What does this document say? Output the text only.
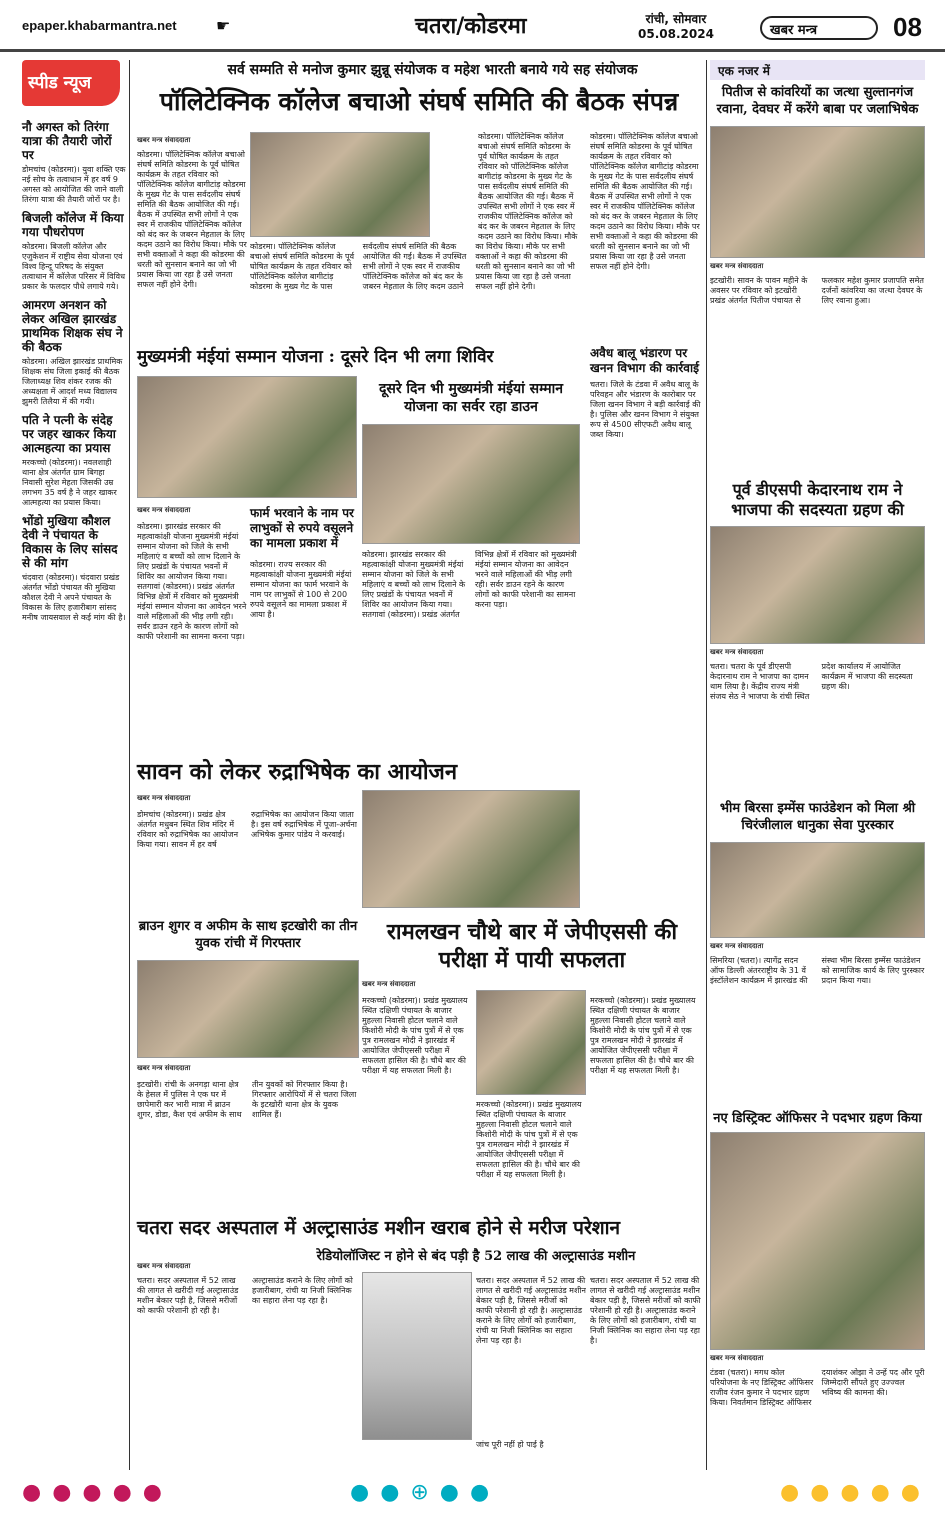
epaper.khabarmantra.net ☛	चतरा/कोडरमा	रांची, सोमवार
05.08.2024	खबर मन्त्र	08
स्पीड न्यूज
नौ अगस्त को तिरंगा यात्रा की तैयारी जोरों पर
डोमचांच (कोडरमा)। युवा शक्ति एक नई सोच के तत्वाधान में हर वर्ष 9 अगस्त को आयोजित की जाने वाली तिरंगा यात्रा की तैयारी जोरों पर है।
बिजली कॉलेज में किया गया पौधरोपण
कोडरमा। बिजली कॉलेज और एजुकेशन में राष्ट्रीय सेवा योजना एवं विश्व हिन्दू परिषद के संयुक्त तत्वाधान में कॉलेज परिसर में विविध प्रकार के फलदार पौधे लगाये गये।
आमरण अनशन को लेकर अखिल झारखंड प्राथमिक शिक्षक संघ ने की बैठक
कोडरमा। अखिल झारखंड प्राथमिक शिक्षक संघ जिला इकाई की बैठक जिलाध्यक्ष शिव शंकर रजक की अध्यक्षता में आदर्श मध्य विद्यालय झुमरी तिलैया में की गयी।
पति ने पत्नी के संदेह पर जहर खाकर किया आत्महत्या का प्रयास
मरकच्चो (कोडरमा)। नवलशाही थाना क्षेत्र अंतर्गत ग्राम बिगहा निवासी सुरेश मेहता जिसकी उम्र लगभग 35 वर्ष है ने जहर खाकर आत्महत्या का प्रयास किया।
भोंडो मुखिया कौशल देवी ने पंचायत के विकास के लिए सांसद से की मांग
चंदवारा (कोडरमा)। चंदवारा प्रखंड अंतर्गत भोंडो पंचायत की मुखिया कौशल देवी ने अपने पंचायत के विकास के लिए हजारीबाग सांसद मनीष जायसवाल से कई मांग की है।
सर्व सम्मति से मनोज कुमार झुन्नू संयोजक व महेश भारती बनाये गये सह संयोजक
पॉलिटेक्निक कॉलेज बचाओ संघर्ष समिति की बैठक संपन्न
खबर मन्त्र संवाददाता
कोडरमा। पॉलिटेक्निक कॉलेज बचाओ संघर्ष समिति कोडरमा के पूर्व घोषित कार्यक्रम के तहत रविवार को पॉलिटेक्निक कॉलेज बागीटांड़ कोडरमा के मुख्य गेट के पास सर्वदलीय संघर्ष समिति की बैठक आयोजित की गई। बैठक में उपस्थित सभी लोगों ने एक स्वर में राजकीय पॉलिटेक्निक कॉलेज को बंद कर के जबरन मेहताल के लिए कदम उठाने का विरोध किया। मौके पर सभी वक्ताओं ने कहा की कोडरमा की धरती को सुनसान बनाने का जो भी प्रयास किया जा रहा है उसे जनता सफल नहीं होने देगी।
कोडरमा। पॉलिटेक्निक कॉलेज बचाओ संघर्ष समिति कोडरमा के पूर्व घोषित कार्यक्रम के तहत रविवार को पॉलिटेक्निक कॉलेज बागीटांड़ कोडरमा के मुख्य गेट के पास सर्वदलीय संघर्ष समिति की बैठक आयोजित की गई। बैठक में उपस्थित सभी लोगों ने एक स्वर में राजकीय पॉलिटेक्निक कॉलेज को बंद कर के जबरन मेहताल के लिए कदम उठाने का विरोध किया। मौके पर सभी वक्ताओं ने कहा की कोडरमा की धरती को सुनसान बनाने का जो भी प्रयास किया जा रहा है उसे जनता सफल नहीं होने देगी।
कोडरमा। पॉलिटेक्निक कॉलेज बचाओ संघर्ष समिति कोडरमा के पूर्व घोषित कार्यक्रम के तहत रविवार को पॉलिटेक्निक कॉलेज बागीटांड़ कोडरमा के मुख्य गेट के पास सर्वदलीय संघर्ष समिति की बैठक आयोजित की गई। बैठक में उपस्थित सभी लोगों ने एक स्वर में राजकीय पॉलिटेक्निक कॉलेज को बंद कर के जबरन मेहताल के लिए कदम उठाने का विरोध किया। मौके
कोडरमा। पॉलिटेक्निक कॉलेज बचाओ संघर्ष समिति कोडरमा के पूर्व घोषित कार्यक्रम के तहत रविवार को पॉलिटेक्निक कॉलेज बागीटांड़ कोडरमा के मुख्य गेट के पास सर्वदलीय संघर्ष समिति की बैठक आयोजित की गई। बैठक में उपस्थित सभी लोगों ने एक स्वर में राजकीय पॉलिटेक्निक कॉलेज को बंद कर के जबरन मेहताल के लिए कदम उठाने का विरोध किया। मौके पर सभी वक्ताओं ने कहा की कोडरमा की धरती को सुनसान बनाने का जो भी प्रयास किया जा रहा है उसे जनता सफल नहीं होने देगी।
मुख्यमंत्री मंईयां सम्मान योजना : दूसरे दिन भी लगा शिविर
दूसरे दिन भी मुख्यमंत्री मंईयां सम्मान योजना का सर्वर रहा डाउन
खबर मन्त्र संवाददाता
कोडरमा। झारखंड सरकार की महत्वाकांक्षी योजना मुख्यमंत्री मंईयां सम्मान योजना को जिले के सभी महिलाएं व बच्चों को लाभ दिलाने के लिए प्रखंडों के पंचायत भवनों में शिविर का आयोजन किया गया। सतगावां (कोडरमा)। प्रखंड अंतर्गत विभिन्न क्षेत्रों में रविवार को मुख्यमंत्री मंईयां सम्मान योजना का आवेदन भरने वाले महिलाओं की भीड़ लगी रही। सर्वर डाउन रहने के कारण लोगों को काफी परेशानी का सामना करना पड़ा।
कोडरमा। झारखंड सरकार की महत्वाकांक्षी योजना मुख्यमंत्री मंईयां सम्मान योजना को जिले के सभी महिलाएं व बच्चों को लाभ दिलाने के लिए प्रखंडों के पंचायत भवनों में शिविर का आयोजन किया गया। सतगावां (कोडरमा)। प्रखंड अंतर्गत विभिन्न क्षेत्रों में रविवार को मुख्यमंत्री मंईयां सम्मान योजना का आवेदन भरने वाले महिलाओं की भीड़ लगी रही। सर्वर डाउन रहने के कारण लोगों को काफी परेशानी का सामना करना पड़ा।
फार्म भरवाने के नाम पर लाभुकों से रुपये वसूलने का मामला प्रकाश में
कोडरमा। राज्य सरकार की महत्वाकांक्षी योजना मुख्यमंत्री मंईयां सम्मान योजना का फार्म भरवाने के नाम पर लाभुकों से 100 से 200 रुपये वसूलने का मामला प्रकाश में आया है।
अवैध बालू भंडारण पर खनन विभाग की कार्रवाई
चतरा। जिले के टंडवा में अवैध बालू के परिवहन और भंडारण के कारोबार पर जिला खनन विभाग ने बड़ी कार्रवाई की है। पुलिस और खनन विभाग ने संयुक्त रूप से 4500 सीएफटी अवैध बालू जब्त किया।
सावन को लेकर रुद्राभिषेक का आयोजन
खबर मन्त्र संवाददाता
डोमचांच (कोडरमा)। प्रखंड क्षेत्र अंतर्गत मधुबन स्थित शिव मंदिर में रविवार को रुद्राभिषेक का आयोजन किया गया। सावन में हर वर्ष रुद्राभिषेक का आयोजन किया जाता है। इस वर्ष रुद्राभिषेक में पूजा-अर्चना अभिषेक कुमार पांडेय ने करवाई।
ब्राउन शुगर व अफीम के साथ इटखोरी का तीन युवक रांची में गिरफ्तार
खबर मन्त्र संवाददाता
इटखोरी। रांची के अनगड़ा थाना क्षेत्र के हेसल में पुलिस ने एक घर में छापेमारी कर भारी मात्रा में ब्राउन शुगर, डोडा, कैश एवं अफीम के साथ तीन युवकों को गिरफ्तार किया है। गिरफ्तार आरोपियों में से चतरा जिला के इटखोरी थाना क्षेत्र के युवक शामिल हैं।
रामलखन चौथे बार में जेपीएससी की परीक्षा में पायी सफलता
खबर मन्त्र संवाददाता
मरकच्चो (कोडरमा)। प्रखंड मुख्यालय स्थित दक्षिणी पंचायत के बाजार मुहल्ला निवासी होटल चलाने वाले किशोरी मोदी के पांच पुत्रों में से एक पुत्र रामलखन मोदी ने झारखंड में आयोजित जेपीएससी परीक्षा में सफलता हासिल की है। चौथे बार की परीक्षा में यह सफलता मिली है।
मरकच्चो (कोडरमा)। प्रखंड मुख्यालय स्थित दक्षिणी पंचायत के बाजार मुहल्ला निवासी होटल चलाने वाले किशोरी मोदी के पांच पुत्रों में से एक पुत्र रामलखन मोदी ने झारखंड में आयोजित जेपीएससी परीक्षा में सफलता हासिल की है। चौथे बार की परीक्षा में यह सफलता मिली है।
मरकच्चो (कोडरमा)। प्रखंड मुख्यालय स्थित दक्षिणी पंचायत के बाजार मुहल्ला निवासी होटल चलाने वाले किशोरी मोदी के पांच पुत्रों में से एक पुत्र रामलखन मोदी ने झारखंड में आयोजित जेपीएससी परीक्षा में सफलता हासिल की है। चौथे बार की परीक्षा में यह सफलता मिली है।
चतरा सदर अस्पताल में अल्ट्रासाउंड मशीन खराब होने से मरीज परेशान
रेडियोलॉजिस्ट न होने से बंद पड़ी है 52 लाख की अल्ट्रासाउंड मशीन
खबर मन्त्र संवाददाता
चतरा। सदर अस्पताल में 52 लाख की लागत से खरीदी गई अल्ट्रासाउंड मशीन बेकार पड़ी है, जिससे मरीजों को काफी परेशानी हो रही है। अल्ट्रासाउंड कराने के लिए लोगों को हजारीबाग, रांची या निजी क्लिनिक का सहारा लेना पड़ रहा है।
जांच पूरी नहीं हो पाई है
चतरा। सदर अस्पताल में 52 लाख की लागत से खरीदी गई अल्ट्रासाउंड मशीन बेकार पड़ी है, जिससे मरीजों को काफी परेशानी हो रही है। अल्ट्रासाउंड कराने के लिए लोगों को हजारीबाग, रांची या निजी क्लिनिक का सहारा लेना पड़ रहा है।
चतरा। सदर अस्पताल में 52 लाख की लागत से खरीदी गई अल्ट्रासाउंड मशीन बेकार पड़ी है, जिससे मरीजों को काफी परेशानी हो रही है। अल्ट्रासाउंड कराने के लिए लोगों को हजारीबाग, रांची या निजी क्लिनिक का सहारा लेना पड़ रहा है।
एक नजर में
पितीज से कांवरियों का जत्था सुल्तानगंज रवाना, देवघर में करेंगे बाबा पर जलाभिषेक
खबर मन्त्र संवाददाता
इटखोरी। सावन के पावन महीने के अवसर पर रविवार को इटखोरी प्रखंड अंतर्गत पितीज पंचायत से फलकार महेश कुमार प्रजापति समेत दर्जनों कांवरिया का जत्था देवघर के लिए रवाना हुआ।
पूर्व डीएसपी केदारनाथ राम ने भाजपा की सदस्यता ग्रहण की
खबर मन्त्र संवाददाता
चतरा। चतरा के पूर्व डीएसपी केदारनाथ राम ने भाजपा का दामन थाम लिया है। केंद्रीय राज्य मंत्री संजय सेठ ने भाजपा के रांची स्थित प्रदेश कार्यालय में आयोजित कार्यक्रम में भाजपा की सदस्यता ग्रहण की।
भीम बिरसा इम्मेंस फाउंडेशन को मिला श्री चिरंजीलाल धानुका सेवा पुरस्कार
खबर मन्त्र संवाददाता
सिमरिया (चतरा)। त्यागेंद्र सदन ऑफ डिल्ली अंतरराष्ट्रीय के 31 वें इंस्टॉलेशन कार्यक्रम में झारखंड की संस्था भीम बिरसा इम्मेंस फाउंडेशन को सामाजिक कार्य के लिए पुरस्कार प्रदान किया गया।
नए डिस्ट्रिक्ट ऑफिसर ने पदभार ग्रहण किया
खबर मन्त्र संवाददाता
टंडवा (चतरा)। मगध कोल परियोजना के नए डिस्ट्रिक्ट ऑफिसर राजीव रंजन कुमार ने पदभार ग्रहण किया। निवर्तमान डिस्ट्रिक्ट ऑफिसर दयाशंकर ओझा ने उन्हें पद और पूरी जिम्मेदारी सौंपते हुए उज्ज्वल भविष्य की कामना की।
● ● ● ● ●	● ● ⊕ ● ●	● ● ● ● ●
